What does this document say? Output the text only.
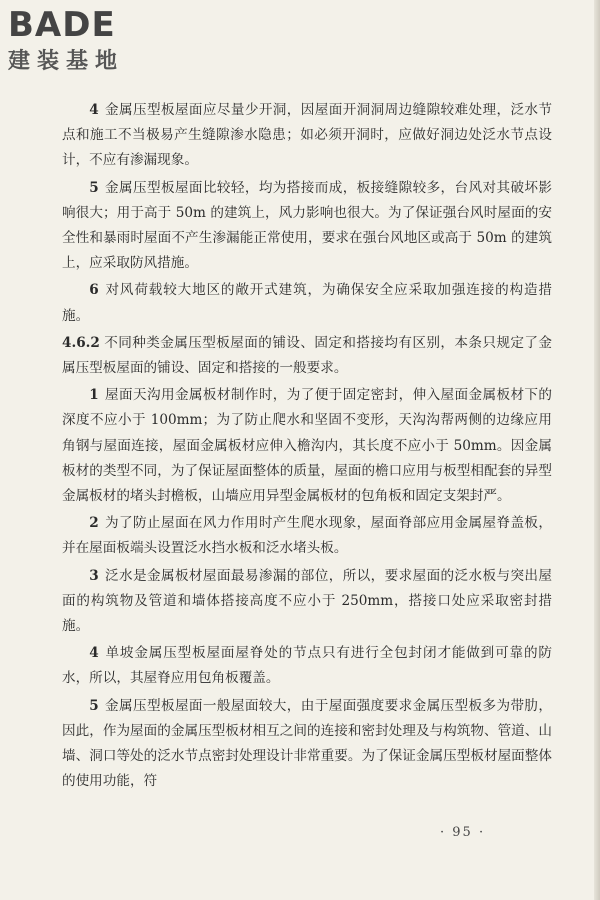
BADE
建装基地

4 金属压型板屋面应尽量少开洞，因屋面开洞洞周边缝隙较难处理，泛水节点和施工不当极易产生缝隙渗水隐患；如必须开洞时，应做好洞边处泛水节点设计，不应有渗漏现象。

5 金属压型板屋面比较轻，均为搭接而成，板接缝隙较多，台风对其破坏影响很大；用于高于 50m 的建筑上，风力影响也很大。为了保证强台风时屋面的安全性和暴雨时屋面不产生渗漏能正常使用，要求在强台风地区或高于 50m 的建筑上，应采取防风措施。

6 对风荷载较大地区的敞开式建筑，为确保安全应采取加强连接的构造措施。

4.6.2 不同种类金属压型板屋面的铺设、固定和搭接均有区别，本条只规定了金属压型板屋面的铺设、固定和搭接的一般要求。

1 屋面天沟用金属板材制作时，为了便于固定密封，伸入屋面金属板材下的深度不应小于 100mm；为了防止爬水和坚固不变形，天沟沟帮两侧的边缘应用角钢与屋面连接，屋面金属板材应伸入檐沟内，其长度不应小于 50mm。因金属板材的类型不同，为了保证屋面整体的质量，屋面的檐口应用与板型相配套的异型金属板材的堵头封檐板，山墙应用异型金属板材的包角板和固定支架封严。

2 为了防止屋面在风力作用时产生爬水现象，屋面脊部应用金属屋脊盖板，并在屋面板端头设置泛水挡水板和泛水堵头板。

3 泛水是金属板材屋面最易渗漏的部位，所以，要求屋面的泛水板与突出屋面的构筑物及管道和墙体搭接高度不应小于 250mm，搭接口处应采取密封措施。

4 单坡金属压型板屋面屋脊处的节点只有进行全包封闭才能做到可靠的防水，所以，其屋脊应用包角板覆盖。

5 金属压型板屋面一般屋面较大，由于屋面强度要求金属压型板多为带肋，因此，作为屋面的金属压型板材相互之间的连接和密封处理及与构筑物、管道、山墙、洞口等处的泛水节点密封处理设计非常重要。为了保证金属压型板材屋面整体的使用功能，符

· 95 ·
